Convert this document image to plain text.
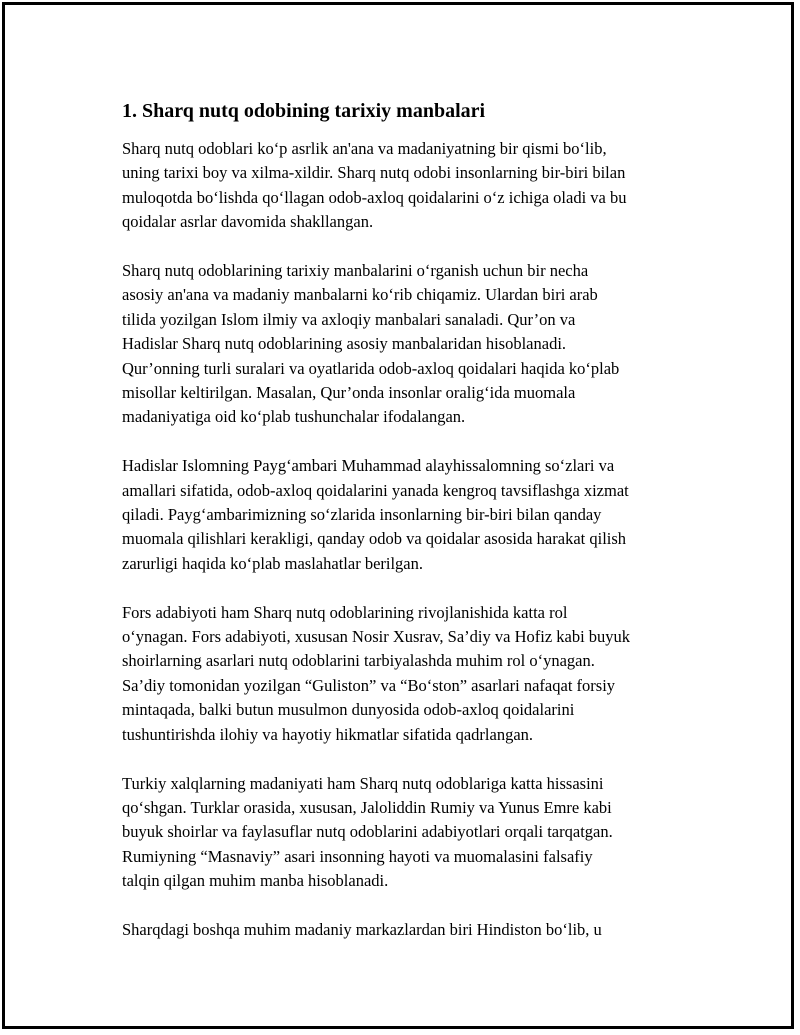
1. Sharq nutq odobining tarixiy manbalari

Sharq nutq odoblari ko‘p asrlik an'ana va madaniyatning bir qismi bo‘lib,
uning tarixi boy va xilma-xildir. Sharq nutq odobi insonlarning bir-biri bilan
muloqotda bo‘lishda qo‘llagan odob-axloq qoidalarini o‘z ichiga oladi va bu
qoidalar asrlar davomida shakllangan.

Sharq nutq odoblarining tarixiy manbalarini o‘rganish uchun bir necha
asosiy an'ana va madaniy manbalarni ko‘rib chiqamiz. Ulardan biri arab
tilida yozilgan Islom ilmiy va axloqiy manbalari sanaladi. Qur’on va
Hadislar Sharq nutq odoblarining asosiy manbalaridan hisoblanadi.
Qur’onning turli suralari va oyatlarida odob-axloq qoidalari haqida ko‘plab
misollar keltirilgan. Masalan, Qur’onda insonlar oralig‘ida muomala
madaniyatiga oid ko‘plab tushunchalar ifodalangan.

Hadislar Islomning Payg‘ambari Muhammad alayhissalomning so‘zlari va
amallari sifatida, odob-axloq qoidalarini yanada kengroq tavsiflashga xizmat
qiladi. Payg‘ambarimizning so‘zlarida insonlarning bir-biri bilan qanday
muomala qilishlari kerakligi, qanday odob va qoidalar asosida harakat qilish
zarurligi haqida ko‘plab maslahatlar berilgan.

Fors adabiyoti ham Sharq nutq odoblarining rivojlanishida katta rol
o‘ynagan. Fors adabiyoti, xususan Nosir Xusrav, Sa’diy va Hofiz kabi buyuk
shoirlarning asarlari nutq odoblarini tarbiyalashda muhim rol o‘ynagan.
Sa’diy tomonidan yozilgan “Guliston” va “Bo‘ston” asarlari nafaqat forsiy
mintaqada, balki butun musulmon dunyosida odob-axloq qoidalarini
tushuntirishda ilohiy va hayotiy hikmatlar sifatida qadrlangan.

Turkiy xalqlarning madaniyati ham Sharq nutq odoblariga katta hissasini
qo‘shgan. Turklar orasida, xususan, Jaloliddin Rumiy va Yunus Emre kabi
buyuk shoirlar va faylasuflar nutq odoblarini adabiyotlari orqali tarqatgan.
Rumiyning “Masnaviy” asari insonning hayoti va muomalasini falsafiy
talqin qilgan muhim manba hisoblanadi.

Sharqdagi boshqa muhim madaniy markazlardan biri Hindiston bo‘lib, u
